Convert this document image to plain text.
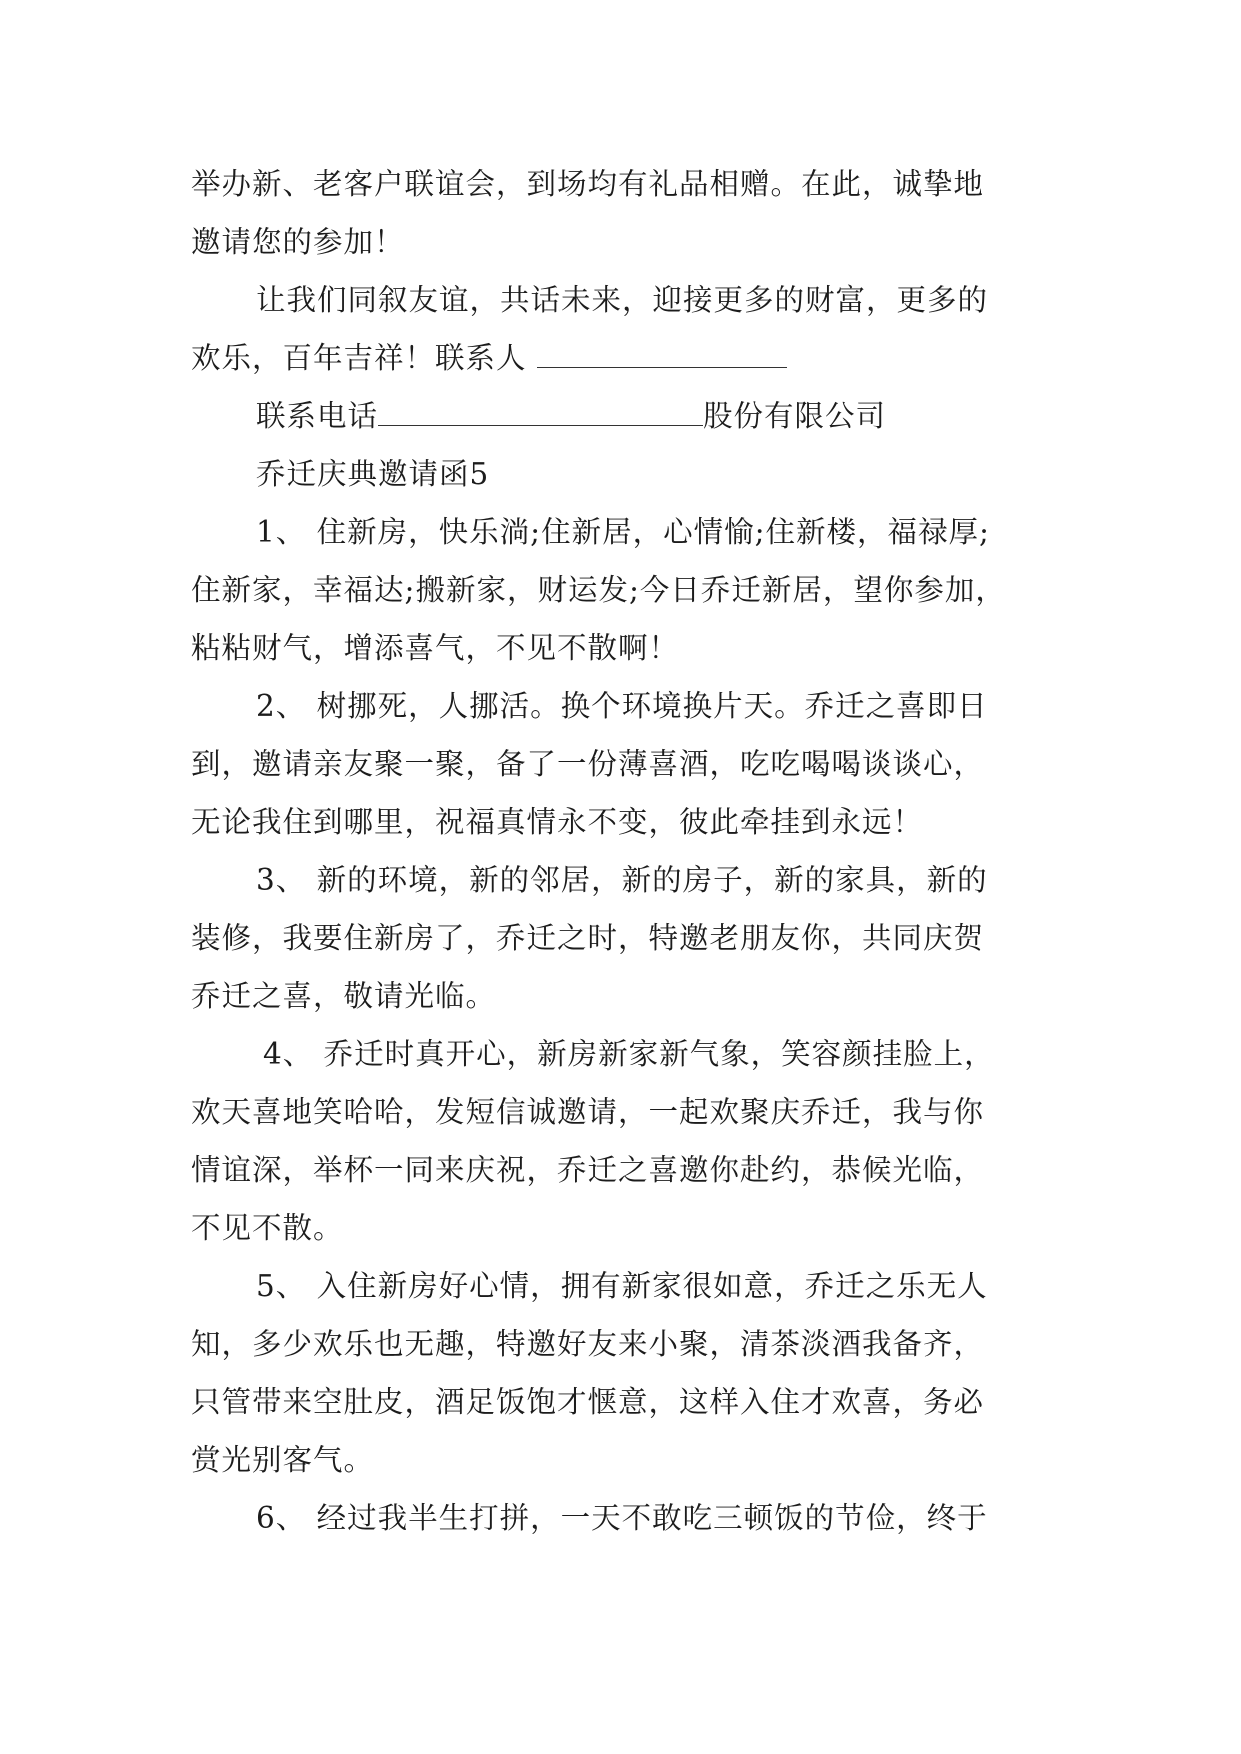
举办新、老客户联谊会，到场均有礼品相赠。在此，诚挚地
邀请您的参加！
让我们同叙友谊，共话未来，迎接更多的财富，更多的
欢乐，百年吉祥！联系人
联系电话	股份有限公司
乔迁庆典邀请函5
1、 住新房，快乐淌;住新居，心情愉;住新楼，福禄厚;
住新家，幸福达;搬新家，财运发;今日乔迁新居，望你参加，
粘粘财气，增添喜气，不见不散啊！
2、 树挪死，人挪活。换个环境换片天。乔迁之喜即日
到，邀请亲友聚一聚，备了一份薄喜酒，吃吃喝喝谈谈心，
无论我住到哪里，祝福真情永不变，彼此牵挂到永远！
3、 新的环境，新的邻居，新的房子，新的家具，新的
装修，我要住新房了，乔迁之时，特邀老朋友你，共同庆贺
乔迁之喜，敬请光临。
4、 乔迁时真开心，新房新家新气象，笑容颜挂脸上，
欢天喜地笑哈哈，发短信诚邀请，一起欢聚庆乔迁，我与你
情谊深，举杯一同来庆祝，乔迁之喜邀你赴约，恭候光临，
不见不散。
5、 入住新房好心情，拥有新家很如意，乔迁之乐无人
知，多少欢乐也无趣，特邀好友来小聚，清茶淡酒我备齐，
只管带来空肚皮，酒足饭饱才惬意，这样入住才欢喜，务必
赏光别客气。
6、 经过我半生打拼，一天不敢吃三顿饭的节俭，终于
